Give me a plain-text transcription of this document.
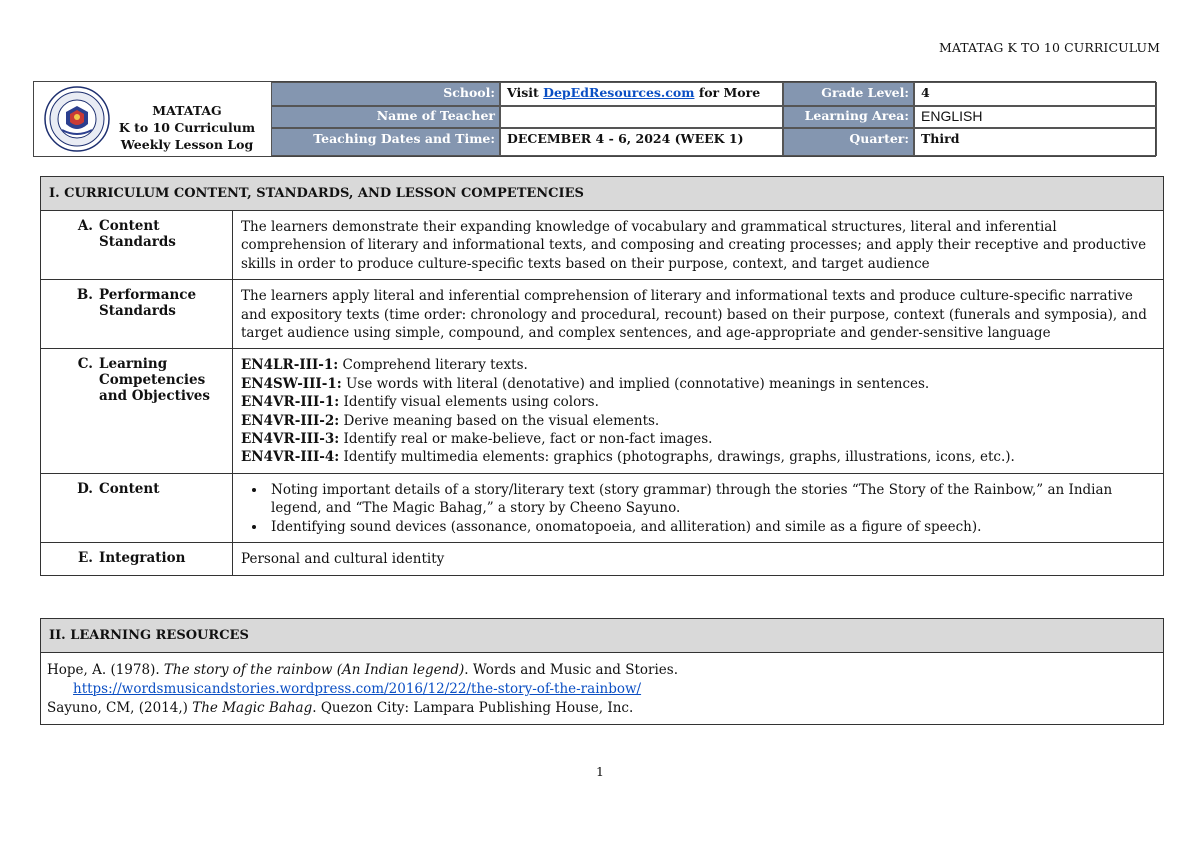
MATATAG K TO 10 CURRICULUM
MATATAG
K to 10 Curriculum
Weekly Lesson Log
School: Visit DepEdResources.com for More	Grade Level: 4
Name of Teacher	Learning Area: ENGLISH
Teaching Dates and Time: DECEMBER 4 - 6, 2024 (WEEK 1)	Quarter: Third
I. CURRICULUM CONTENT, STANDARDS, AND LESSON COMPETENCIES
A. Content
Standards
The learners demonstrate their expanding knowledge of vocabulary and grammatical structures, literal and inferential comprehension of literary and informational texts, and composing and creating processes; and apply their receptive and productive skills in order to produce culture-specific texts based on their purpose, context, and target audience
B. Performance
Standards
The learners apply literal and inferential comprehension of literary and informational texts and produce culture-specific narrative and expository texts (time order: chronology and procedural, recount) based on their purpose, context (funerals and symposia), and target audience using simple, compound, and complex sentences, and age-appropriate and gender-sensitive language
C. Learning
Competencies
and Objectives
EN4LR-III-1: Comprehend literary texts.
EN4SW-III-1: Use words with literal (denotative) and implied (connotative) meanings in sentences.
EN4VR-III-1: Identify visual elements using colors.
EN4VR-III-2: Derive meaning based on the visual elements.
EN4VR-III-3: Identify real or make-believe, fact or non-fact images.
EN4VR-III-4: Identify multimedia elements: graphics (photographs, drawings, graphs, illustrations, icons, etc.).
D. Content
•	Noting important details of a story/literary text (story grammar) through the stories “The Story of the Rainbow,” an Indian legend, and “The Magic Bahag,” a story by Cheeno Sayuno.
• Identifying sound devices (assonance, onomatopoeia, and alliteration) and simile as a figure of speech).
E. Integration	Personal and cultural identity
II. LEARNING RESOURCES
Hope, A. (1978). The story of the rainbow (An Indian legend). Words and Music and Stories.
https://wordsmusicandstories.wordpress.com/2016/12/22/the-story-of-the-rainbow/
Sayuno, CM, (2014,) The Magic Bahag. Quezon City: Lampara Publishing House, Inc.
1
